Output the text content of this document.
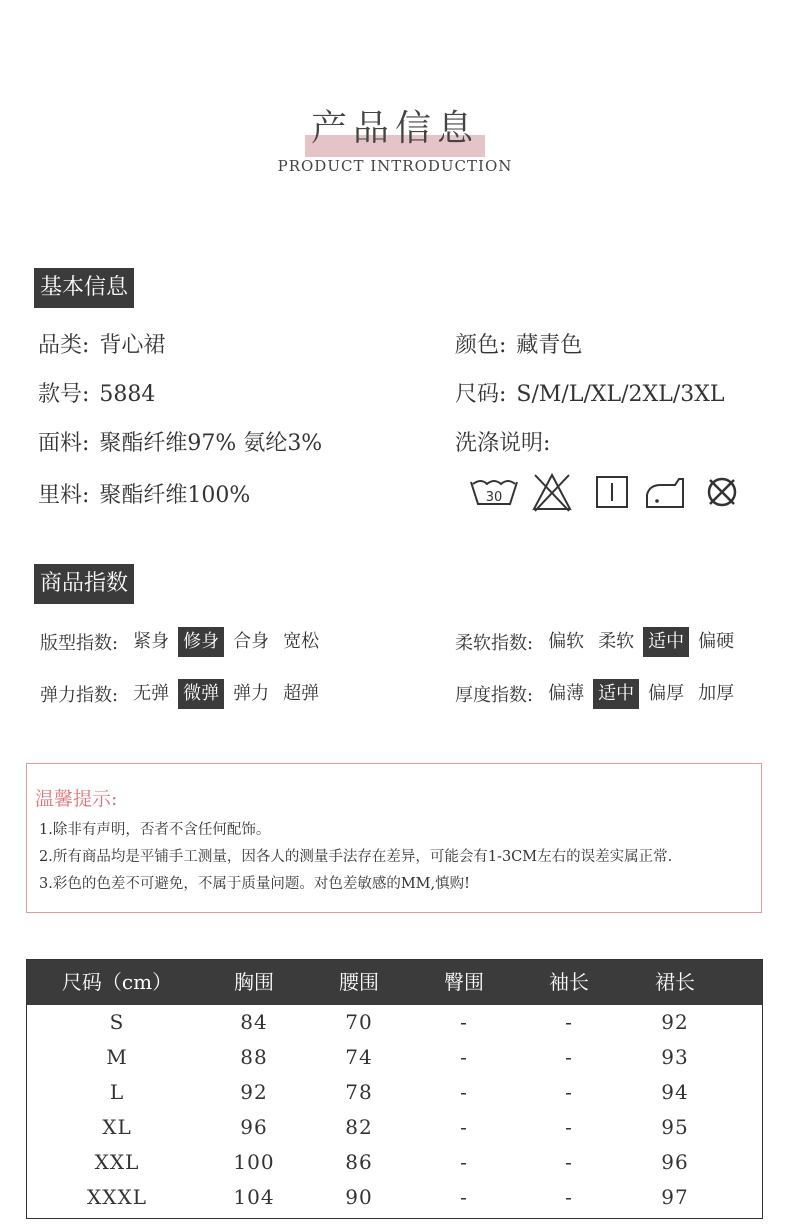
产品信息
PRODUCT INTRODUCTION
基本信息
品类: 背心裙	颜色: 藏青色
款号: 5884	尺码: S/M/L/XL/2XL/3XL
面料: 聚酯纤维97% 氨纶3%	洗涤说明:
里料: 聚酯纤维100%	30
商品指数
版型指数: 紧身 修身 合身 宽松	柔软指数: 偏软 柔软 适中 偏硬
弹力指数: 无弹 微弹 弹力 超弹	厚度指数: 偏薄 适中 偏厚 加厚
温馨提示:
1.除非有声明，否者不含任何配饰。
2.所有商品均是平铺手工测量，因各人的测量手法存在差异，可能会有1-3CM左右的误差实属正常.
3.彩色的色差不可避免，不属于质量问题。对色差敏感的MM,慎购!
尺码（cm）	胸围	腰围	臀围	袖长	裙长
S	84	70	-	-	92
M	88	74	-	-	93
L	92	78	-	-	94
XL	96	82	-	-	95
XXL	100	86	-	-	96
XXXL	104	90	-	-	97
